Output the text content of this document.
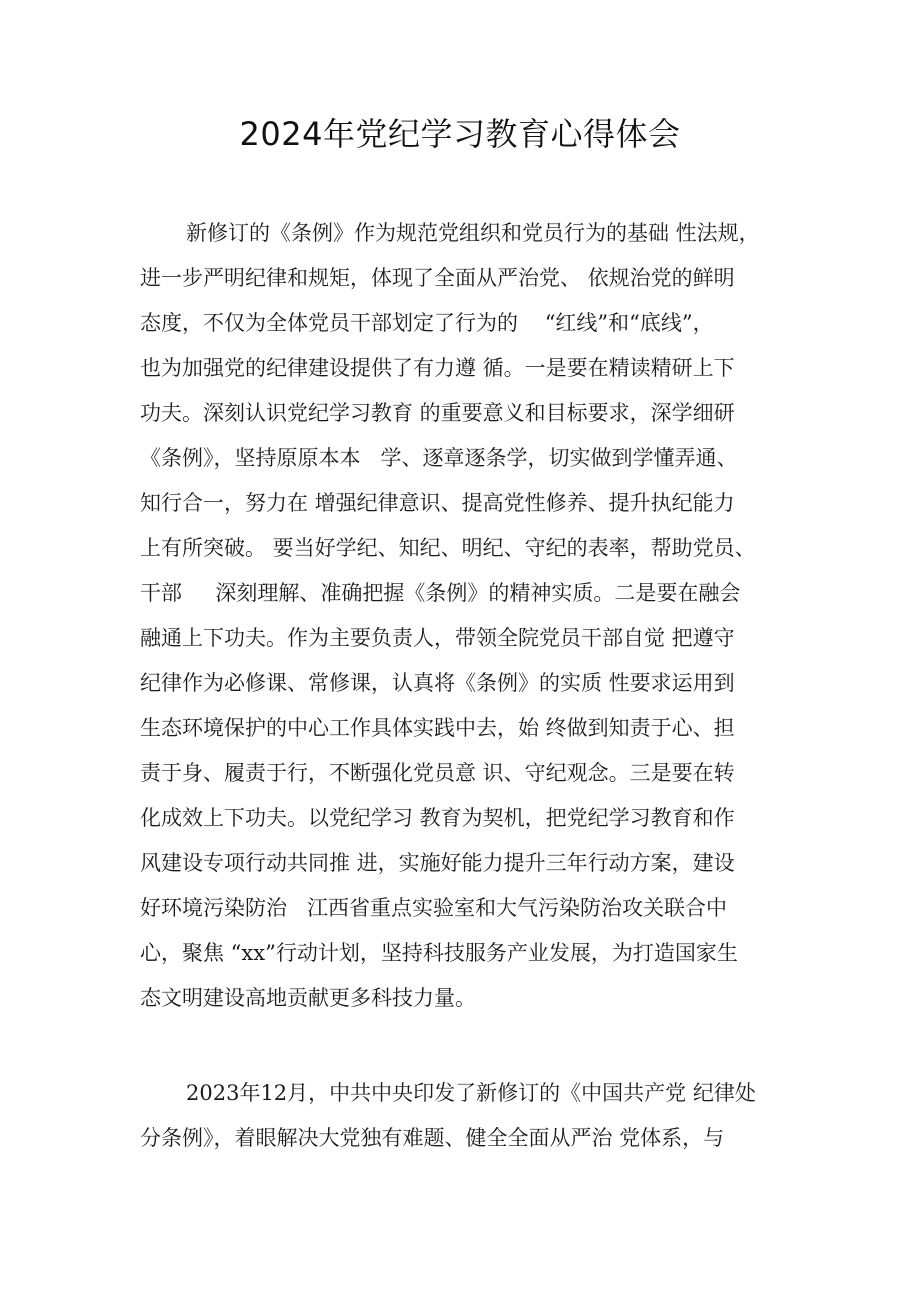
2024年党纪学习教育心得体会
新修订的《条例》作为规范党组织和党员行为的基础 性法规，
进一步严明纪律和规矩，体现了全面从严治党、 依规治党的鲜明
态度，不仅为全体党员干部划定了行为的    “红线”和“底线”，
也为加强党的纪律建设提供了有力遵 循。一是要在精读精研上下
功夫。深刻认识党纪学习教育 的重要意义和目标要求，深学细研
《条例》，坚持原原本本   学、逐章逐条学，切实做到学懂弄通、
知行合一，努力在 增强纪律意识、提高党性修养、提升执纪能力
上有所突破。 要当好学纪、知纪、明纪、守纪的表率，帮助党员、
干部     深刻理解、准确把握《条例》的精神实质。二是要在融会
融通上下功夫。作为主要负责人，带领全院党员干部自觉 把遵守
纪律作为必修课、常修课，认真将《条例》的实质 性要求运用到
生态环境保护的中心工作具体实践中去，始 终做到知责于心、担
责于身、履责于行，不断强化党员意 识、守纪观念。三是要在转
化成效上下功夫。以党纪学习 教育为契机，把党纪学习教育和作
风建设专项行动共同推 进，实施好能力提升三年行动方案，建设
好环境污染防治   江西省重点实验室和大气污染防治攻关联合中
心，聚焦 “xx”行动计划，坚持科技服务产业发展，为打造国家生
态文明建设高地贡献更多科技力量。
2023年12月，中共中央印发了新修订的《中国共产党 纪律处
分条例》，着眼解决大党独有难题、健全全面从严治 党体系，与
